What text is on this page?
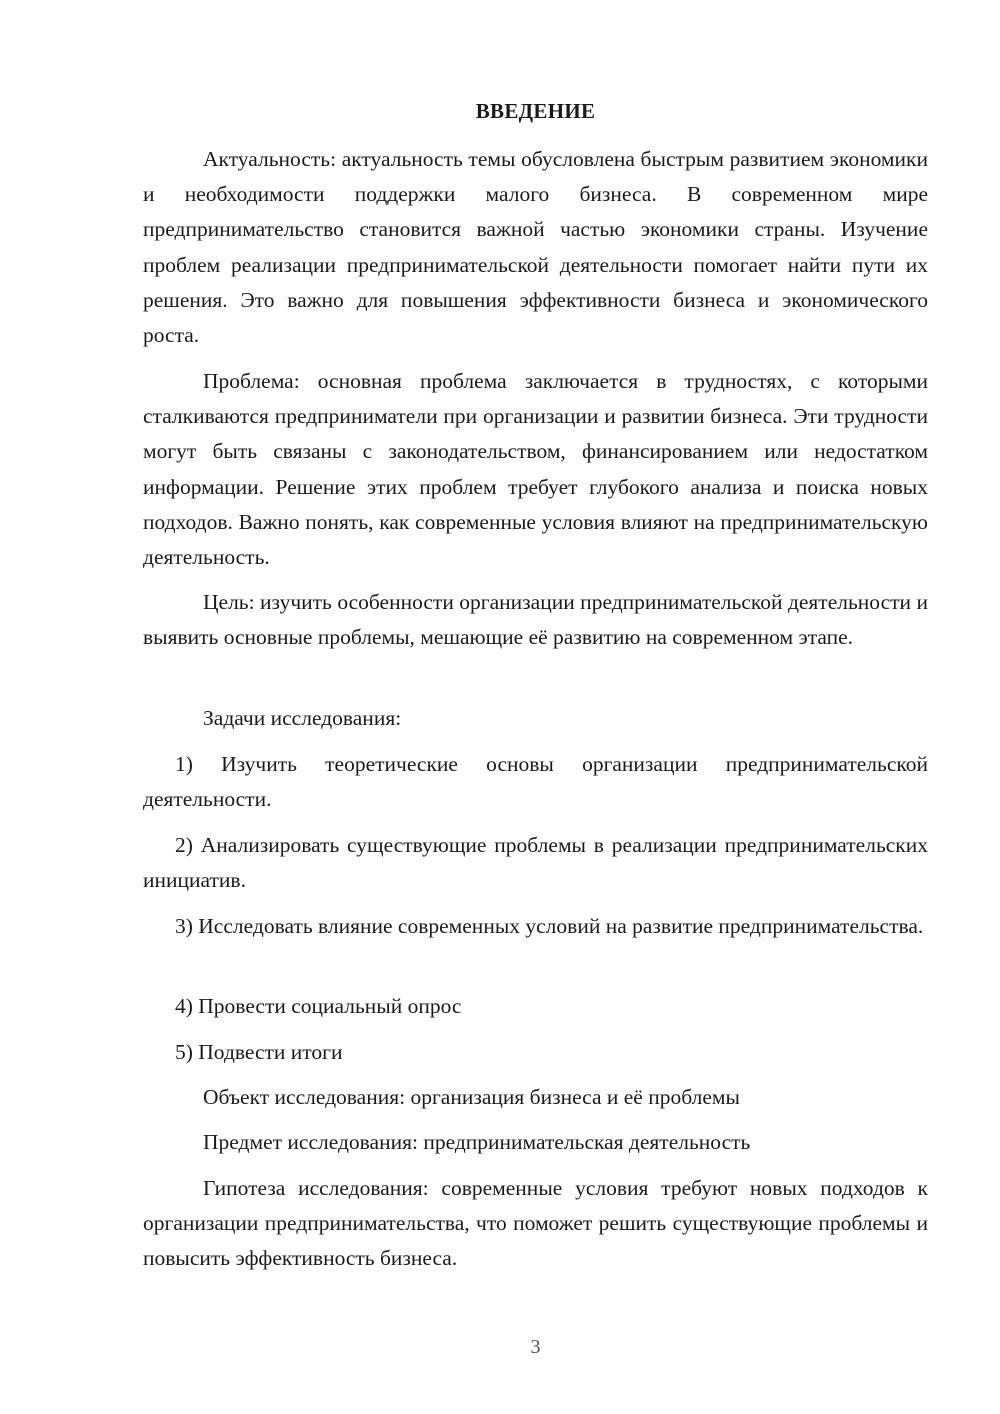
ВВЕДЕНИЕ

Актуальность: актуальность темы обусловлена быстрым развитием экономики и необходимости поддержки малого бизнеса. В современном мире предпринимательство становится важной частью экономики страны. Изучение проблем реализации предпринимательской деятельности помогает найти пути их решения. Это важно для повышения эффективности бизнеса и экономического роста.

Проблема: основная проблема заключается в трудностях, с которыми сталкиваются предприниматели при организации и развитии бизнеса. Эти трудности могут быть связаны с законодательством, финансированием или недостатком информации. Решение этих проблем требует глубокого анализа и поиска новых подходов. Важно понять, как современные условия влияют на предпринимательскую деятельность.

Цель: изучить особенности организации предпринимательской деятельности и выявить основные проблемы, мешающие её развитию на современном этапе.

Задачи исследования:

1) Изучить теоретические основы организации предпринимательской деятельности.

2) Анализировать существующие проблемы в реализации предпринимательских инициатив.

3) Исследовать влияние современных условий на развитие предпринимательства.

4) Провести социальный опрос

5) Подвести итоги

Объект исследования: организация бизнеса и её проблемы

Предмет исследования: предпринимательская деятельность

Гипотеза исследования: современные условия требуют новых подходов к организации предпринимательства, что поможет решить существующие проблемы и повысить эффективность бизнеса.

3
